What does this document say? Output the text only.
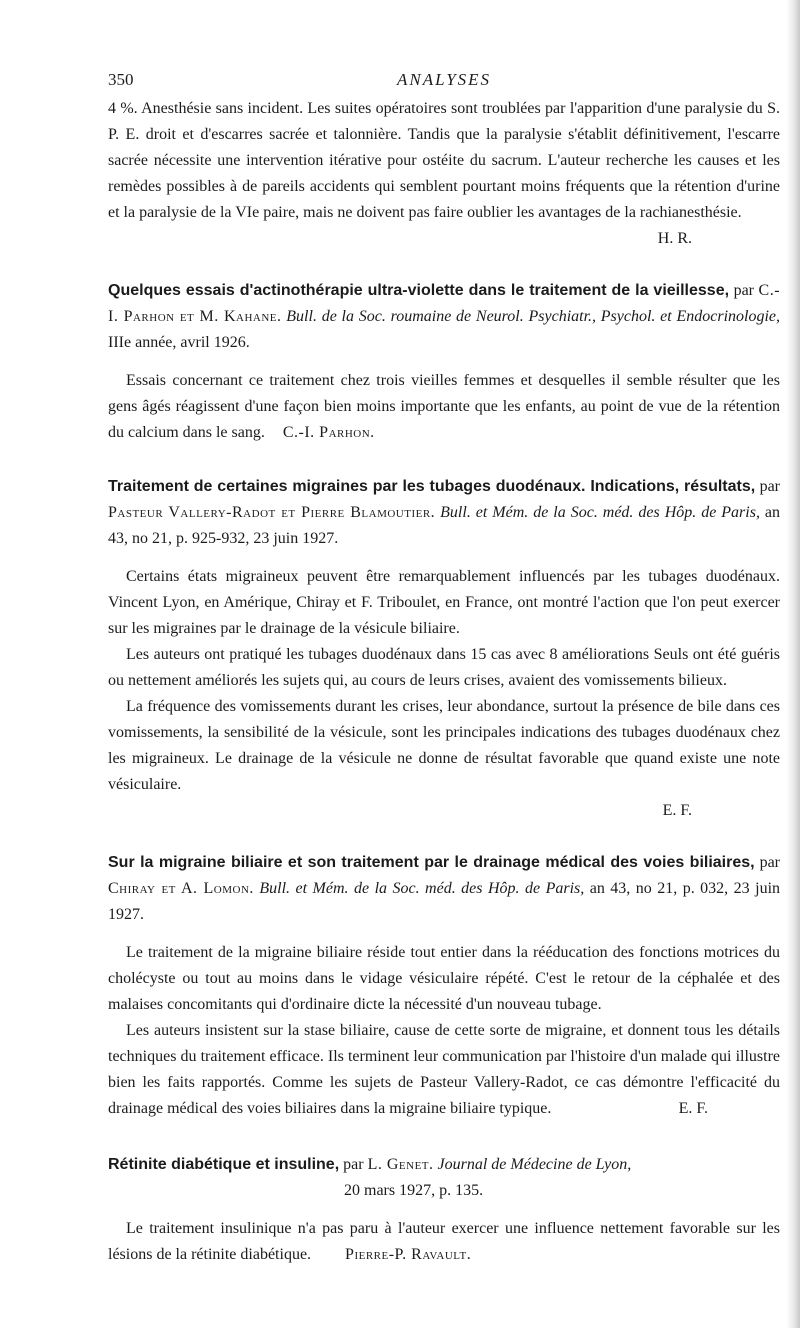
350	ANALYSES

4 %. Anesthésie sans incident. Les suites opératoires sont troublées par l'apparition d'une paralysie du S. P. E. droit et d'escarres sacrée et talonnière. Tandis que la paralysie s'établit définitivement, l'escarre sacrée nécessite une intervention itérative pour ostéite du sacrum. L'auteur recherche les causes et les remèdes possibles à de pareils accidents qui semblent pourtant moins fréquents que la rétention d'urine et la paralysie de la VIe paire, mais ne doivent pas faire oublier les avantages de la rachianesthésie.

H. R.

Quelques essais d'actinothérapie ultra-violette dans le traitement de la vieillesse, par C.-I. Parhon et M. Kahane. Bull. de la Soc. roumaine de Neurol. Psychiatr., Psychol. et Endocrinologie, IIIe année, avril 1926.

Essais concernant ce traitement chez trois vieilles femmes et desquelles il semble résulter que les gens âgés réagissent d'une façon bien moins importante que les enfants, au point de vue de la rétention du calcium dans le sang. C.-I. Parhon.

Traitement de certaines migraines par les tubages duodénaux. Indications, résultats, par Pasteur Vallery-Radot et Pierre Blamoutier. Bull. et Mém. de la Soc. méd. des Hôp. de Paris, an 43, no 21, p. 925-932, 23 juin 1927.

Certains états migraineux peuvent être remarquablement influencés par les tubages duodénaux. Vincent Lyon, en Amérique, Chiray et F. Triboulet, en France, ont montré l'action que l'on peut exercer sur les migraines par le drainage de la vésicule biliaire.

Les auteurs ont pratiqué les tubages duodénaux dans 15 cas avec 8 améliorations Seuls ont été guéris ou nettement améliorés les sujets qui, au cours de leurs crises, avaient des vomissements bilieux.

La fréquence des vomissements durant les crises, leur abondance, surtout la présence de bile dans ces vomissements, la sensibilité de la vésicule, sont les principales indications des tubages duodénaux chez les migraineux. Le drainage de la vésicule ne donne de résultat favorable que quand existe une note vésiculaire.

E. F.

Sur la migraine biliaire et son traitement par le drainage médical des voies biliaires, par Chiray et A. Lomon. Bull. et Mém. de la Soc. méd. des Hôp. de Paris, an 43, no 21, p. 032, 23 juin 1927.

Le traitement de la migraine biliaire réside tout entier dans la rééducation des fonctions motrices du cholécyste ou tout au moins dans le vidage vésiculaire répété. C'est le retour de la céphalée et des malaises concomitants qui d'ordinaire dicte la nécessité d'un nouveau tubage.

Les auteurs insistent sur la stase biliaire, cause de cette sorte de migraine, et donnent tous les détails techniques du traitement efficace. Ils terminent leur communication par l'histoire d'un malade qui illustre bien les faits rapportés. Comme les sujets de Pasteur Vallery-Radot, ce cas démontre l'efficacité du drainage médical des voies biliaires dans la migraine biliaire typique.	E. F.

Rétinite diabétique et insuline, par L. Genet. Journal de Médecine de Lyon,

20 mars 1927, p. 135.

Le traitement insulinique n'a pas paru à l'auteur exercer une influence nettement favorable sur les lésions de la rétinite diabétique. Pierre-P. Ravault.
